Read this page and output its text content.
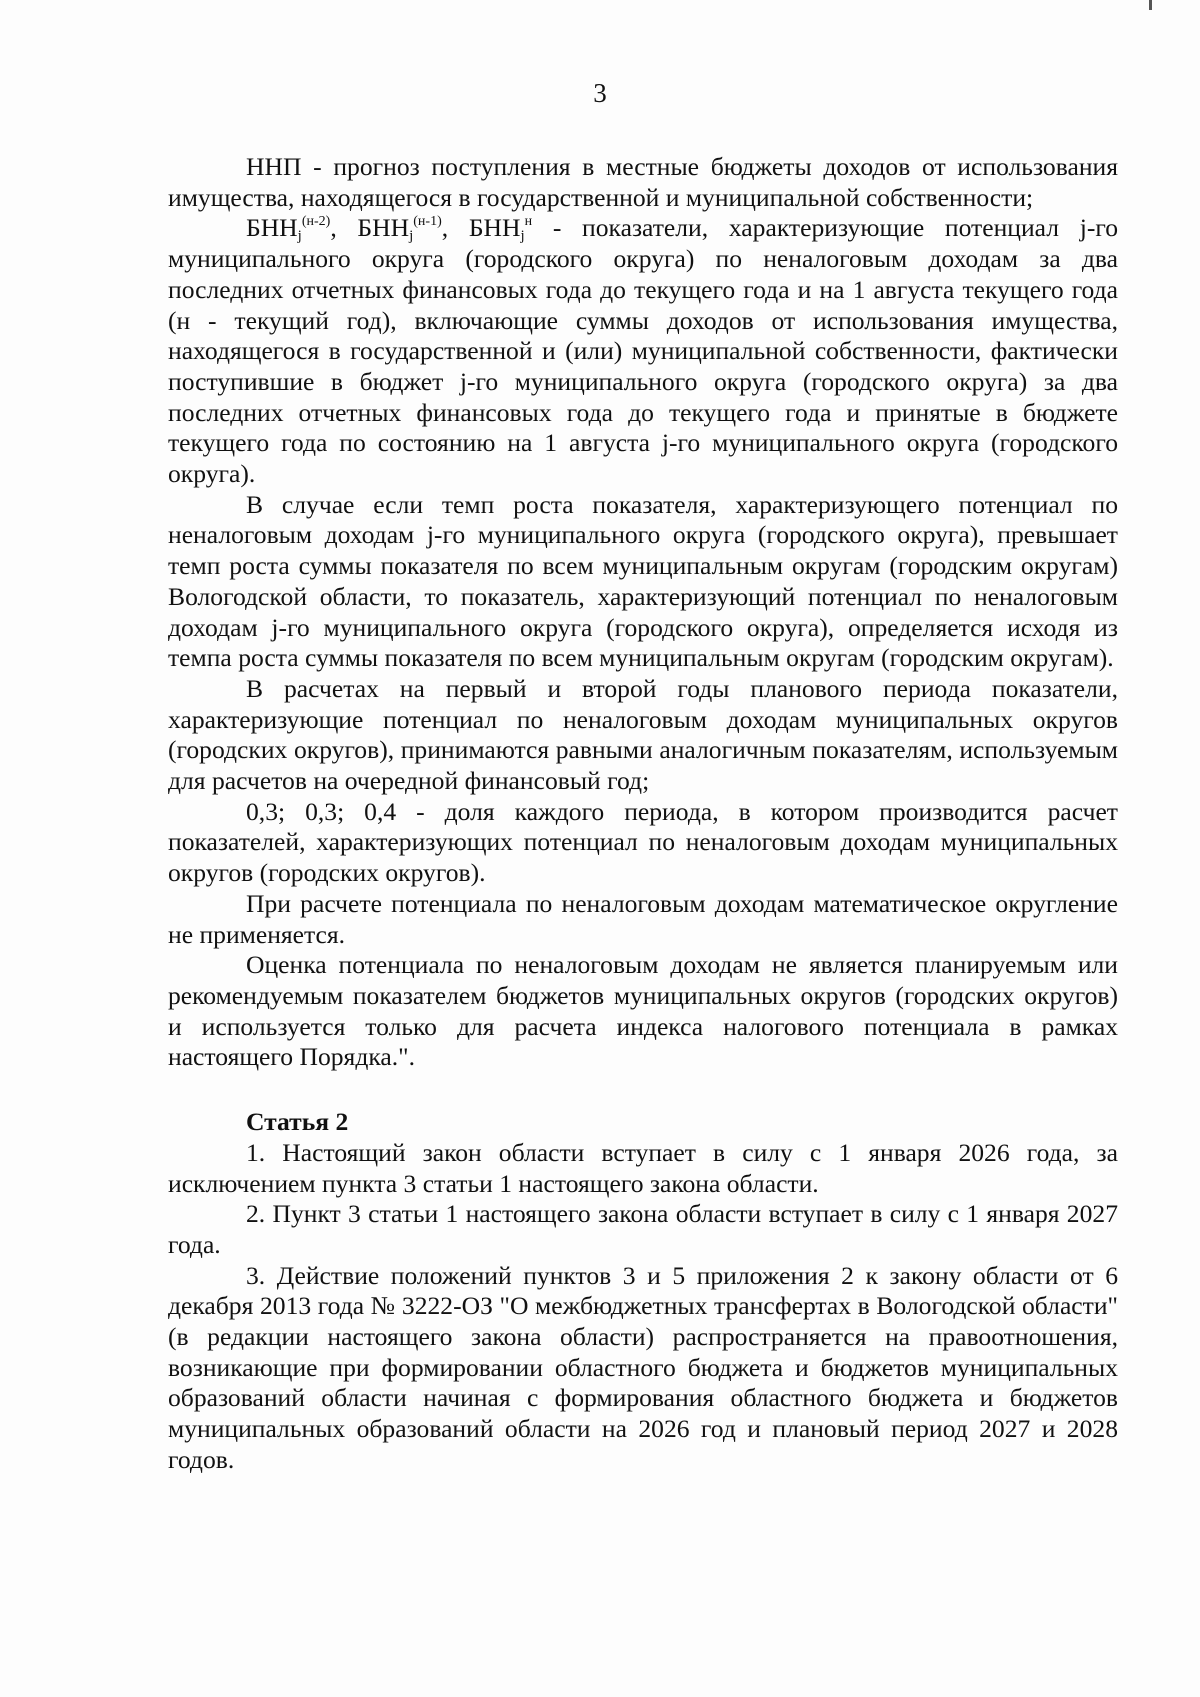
3

ННП - прогноз поступления в местные бюджеты доходов от использования имущества, находящегося в государственной и муниципальной собственности;

$БНН_j^{(н-2)}$, $БНН_j^{(н-1)}$, $БНН_j^н$ - показатели, характеризующие потенциал j-го муниципального округа (городского округа) по неналоговым доходам за два последних отчетных финансовых года до текущего года и на 1 августа текущего года (н - текущий год), включающие суммы доходов от использования имущества, находящегося в государственной и (или) муниципальной собственности, фактически поступившие в бюджет j-го муниципального округа (городского округа) за два последних отчетных финансовых года до текущего года и принятые в бюджете текущего года по состоянию на 1 августа j-го муниципального округа (городского округа).

В случае если темп роста показателя, характеризующего потенциал по неналоговым доходам j-го муниципального округа (городского округа), превышает темп роста суммы показателя по всем муниципальным округам (городским округам) Вологодской области, то показатель, характеризующий потенциал по неналоговым доходам j-го муниципального округа (городского округа), определяется исходя из темпа роста суммы показателя по всем муниципальным округам (городским округам).

В расчетах на первый и второй годы планового периода показатели, характеризующие потенциал по неналоговым доходам муниципальных округов (городских округов), принимаются равными аналогичным показателям, используемым для расчетов на очередной финансовый год;

0,3; 0,3; 0,4 - доля каждого периода, в котором производится расчет показателей, характеризующих потенциал по неналоговым доходам муниципальных округов (городских округов).

При расчете потенциала по неналоговым доходам математическое округление не применяется.

Оценка потенциала по неналоговым доходам не является планируемым или рекомендуемым показателем бюджетов муниципальных округов (городских округов) и используется только для расчета индекса налогового потенциала в рамках настоящего Порядка.".

Статья 2

1. Настоящий закон области вступает в силу с 1 января 2026 года, за исключением пункта 3 статьи 1 настоящего закона области.

2. Пункт 3 статьи 1 настоящего закона области вступает в силу с 1 января 2027 года.

3. Действие положений пунктов 3 и 5 приложения 2 к закону области от 6 декабря 2013 года № 3222-ОЗ "О межбюджетных трансфертах в Вологодской области" (в редакции настоящего закона области) распространяется на правоотношения, возникающие при формировании областного бюджета и бюджетов муниципальных образований области начиная с формирования областного бюджета и бюджетов муниципальных образований области на 2026 год и плановый период 2027 и 2028 годов.
